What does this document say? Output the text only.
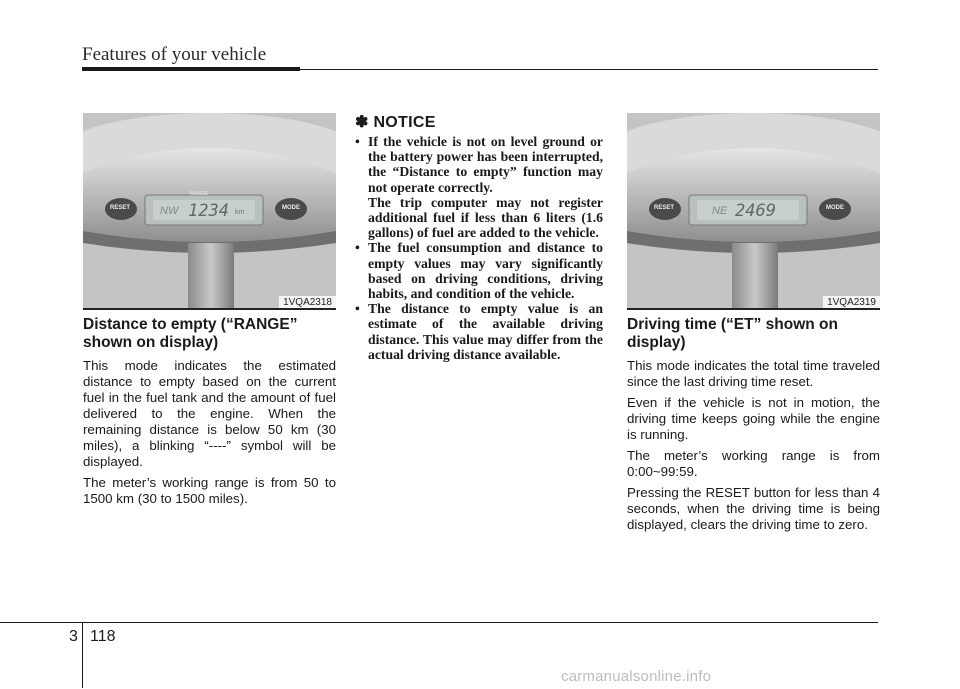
Features of your vehicle
RESET	MODE
RANGE
NW 1234 km
1VQA2318
Distance to empty (“RANGE” shown on display)

This mode indicates the estimated distance to empty based on the current fuel in the fuel tank and the amount of fuel delivered to the engine. When the remaining distance is below 50 km (30 miles), a blinking “----” symbol will be displayed.

The meter’s working range is from 50 to 1500 km (30 to 1500 miles).

✽ NOTICE
• If the vehicle is not on level ground or the battery power has been interrupted, the “Distance to empty” function may not operate correctly.
The trip computer may not register additional fuel if less than 6 liters (1.6 gallons) of fuel are added to the vehicle.
• The fuel consumption and distance to empty values may vary significantly based on driving conditions, driving habits, and condition of the vehicle.
• The distance to empty value is an estimate of the available driving distance. This value may differ from the actual driving distance available.
RESET	MODE
NE 2469
1VQA2319
Driving time (“ET” shown on display)

This mode indicates the total time traveled since the last driving time reset.

Even if the vehicle is not in motion, the driving time keeps going while the engine is running.

The meter’s working range is from 0:00~99:59.

Pressing the RESET button for less than 4 seconds, when the driving time is being displayed, clears the driving time to zero.

3 118
carmanualsonline.info
